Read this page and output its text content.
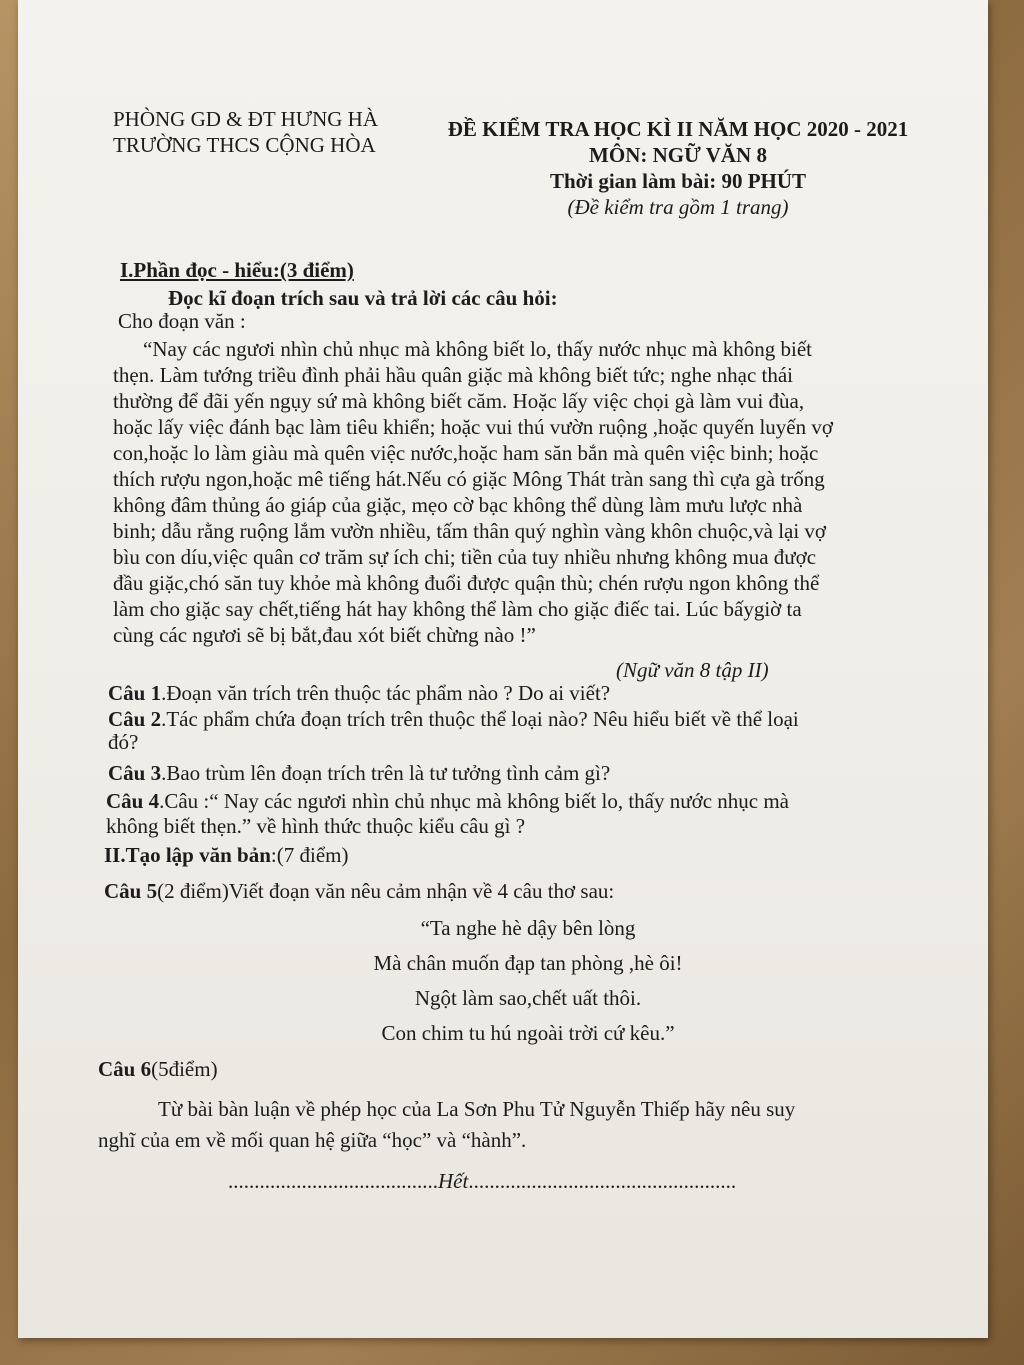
PHÒNG GD & ĐT HƯNG HÀ
TRƯỜNG THCS CỘNG HÒA
ĐỀ KIỂM TRA HỌC KÌ II NĂM HỌC 2020 - 2021
MÔN: NGỮ VĂN 8
Thời gian làm bài: 90 PHÚT
(Đề kiểm tra gồm 1 trang)
I.Phần đọc - hiểu:(3 điểm)
Đọc kĩ đoạn trích sau và trả lời các câu hỏi:
Cho đoạn văn :
“Nay các ngươi nhìn chủ nhục mà không biết lo, thấy nước nhục mà không biết
thẹn. Làm tướng triều đình phải hầu quân giặc mà không biết tức; nghe nhạc thái
thường để đãi yến ngụy sứ mà không biết căm. Hoặc lấy việc chọi gà làm vui đùa,
hoặc lấy việc đánh bạc làm tiêu khiển; hoặc vui thú vườn ruộng ,hoặc quyến luyến vợ
con,hoặc lo làm giàu mà quên việc nước,hoặc ham săn bắn mà quên việc binh; hoặc
thích rượu ngon,hoặc mê tiếng hát.Nếu có giặc Mông Thát tràn sang thì cựa gà trống
không đâm thủng áo giáp của giặc, mẹo cờ bạc không thể dùng làm mưu lược nhà
binh; dẫu rằng ruộng lắm vườn nhiều, tấm thân quý nghìn vàng khôn chuộc,và lại vợ
bìu con díu,việc quân cơ trăm sự ích chi; tiền của tuy nhiều nhưng không mua được
đầu giặc,chó săn tuy khỏe mà không đuổi được quận thù; chén rượu ngon không thể
làm cho giặc say chết,tiếng hát hay không thể làm cho giặc điếc tai. Lúc bấygiờ ta
cùng các ngươi sẽ bị bắt,đau xót biết chừng nào !”
(Ngữ văn 8 tập II)
Câu 1.Đoạn văn trích trên thuộc tác phẩm nào ? Do ai viết?
Câu 2.Tác phẩm chứa đoạn trích trên thuộc thể loại nào? Nêu hiểu biết về thể loại
đó?
Câu 3.Bao trùm lên đoạn trích trên là tư tưởng tình cảm gì?
Câu 4.Câu :“ Nay các ngươi nhìn chủ nhục mà không biết lo, thấy nước nhục mà
không biết thẹn.” về hình thức thuộc kiểu câu gì ?
II.Tạo lập văn bản:(7 điểm)
Câu 5(2 điểm)Viết đoạn văn nêu cảm nhận về 4 câu thơ sau:
“Ta nghe hè dậy bên lòng
Mà chân muốn đạp tan phòng ,hè ôi!
Ngột làm sao,chết uất thôi.
Con chim tu hú ngoài trời cứ kêu.”
Câu 6(5điểm)
Từ bài bàn luận về phép học của La Sơn Phu Tử Nguyễn Thiếp hãy nêu suy
nghĩ của em về mối quan hệ giữa “học” và “hành”.
........................................Hết...................................................
